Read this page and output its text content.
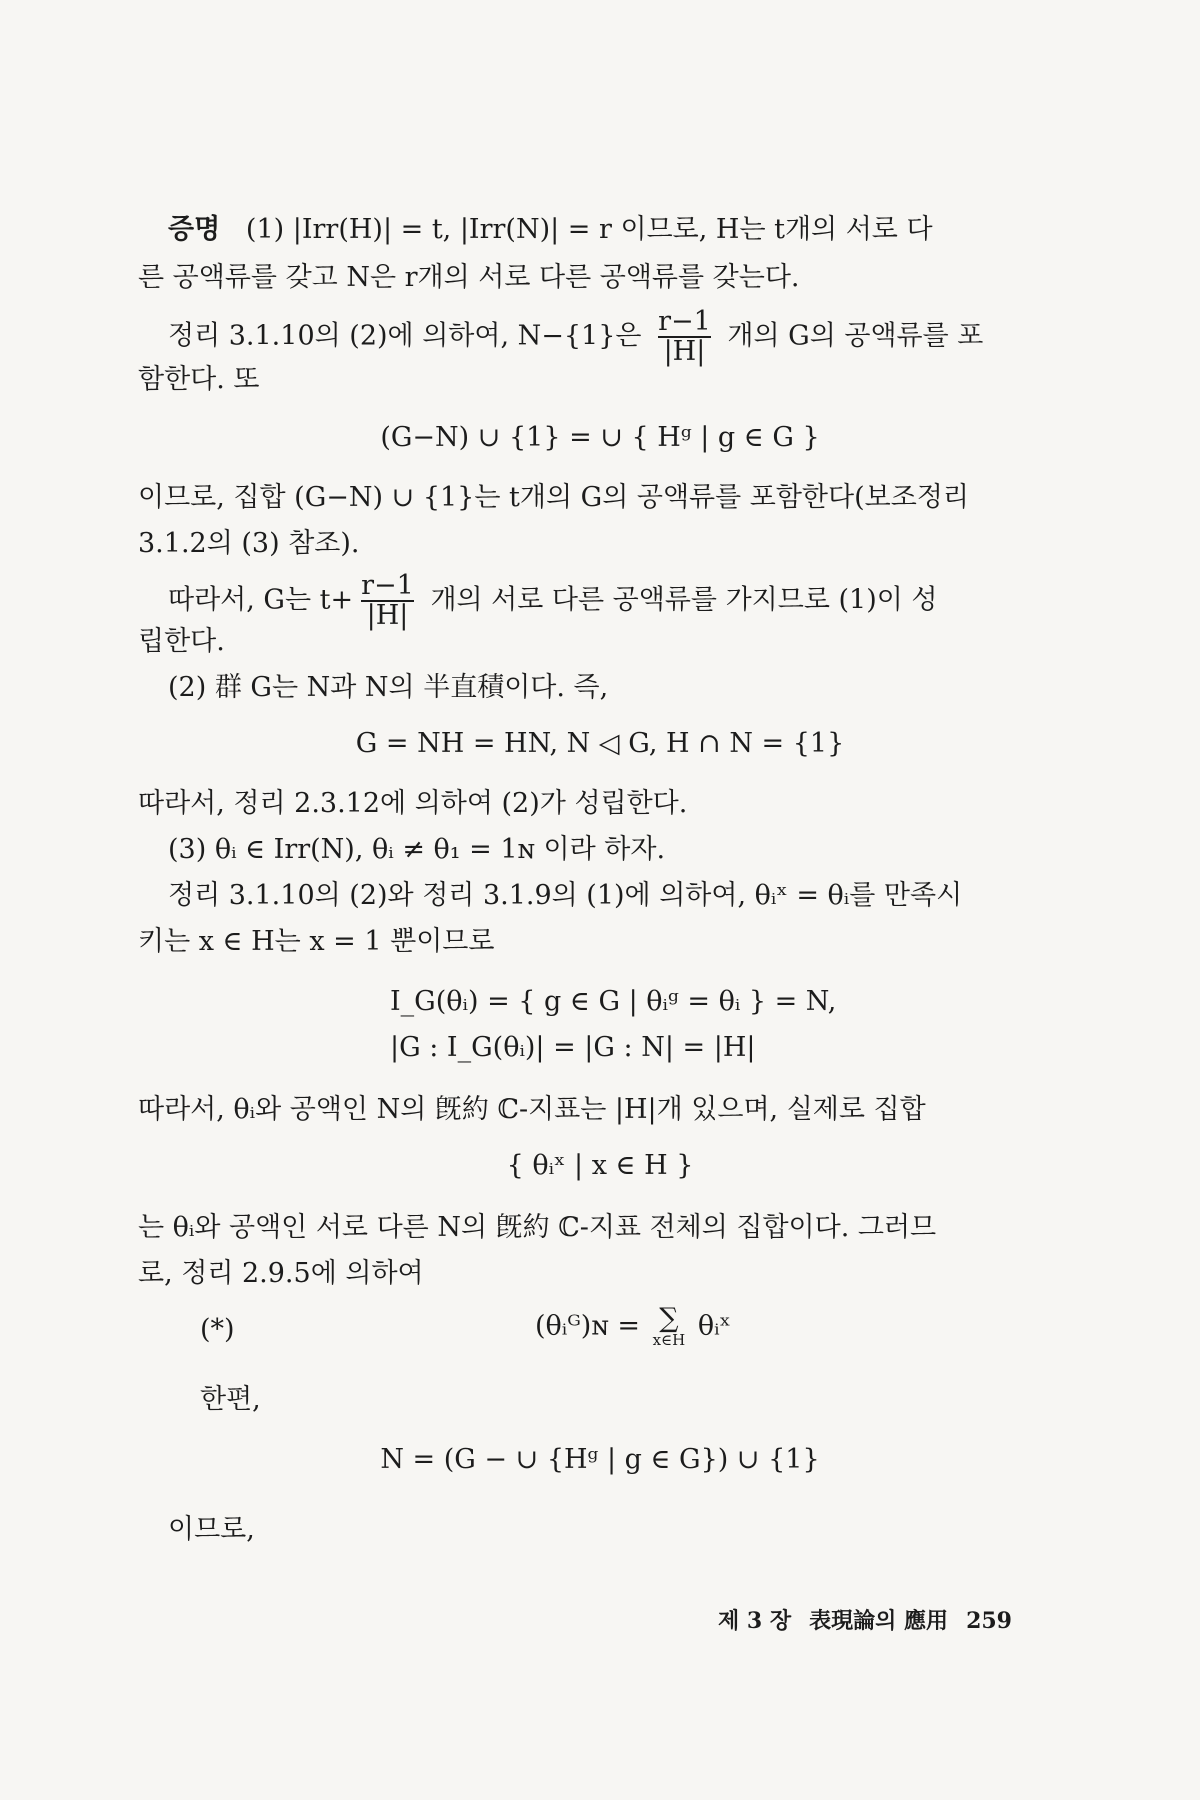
증명 (1) |Irr(H)| = t, |Irr(N)| = r 이므로, H는 t개의 서로 다
른 공액류를 갖고 N은 r개의 서로 다른 공액류를 갖는다.
정리 3.1.10의 (2)에 의하여, N−{1}은 $\frac{r-1}{|H|}$ 개의 G의 공액류를 포
함한다. 또
(G−N) ∪ {1} = ∪ { Hᵍ | g ∈ G }
이므로, 집합 (G−N) ∪ {1}는 t개의 G의 공액류를 포함한다(보조정리
3.1.2의 (3) 참조).
따라서, G는 $t+ \frac{r-1}{|H|}$ 개의 서로 다른 공액류를 가지므로 (1)이 성
립한다.
(2) 群 G는 N과 N의 半直積이다. 즉,
G = NH = HN, N ◁ G, H ∩ N = {1}
따라서, 정리 2.3.12에 의하여 (2)가 성립한다.
(3) θᵢ ∈ Irr(N), θᵢ ≠ θ₁ = 1ɴ 이라 하자.
정리 3.1.10의 (2)와 정리 3.1.9의 (1)에 의하여, θᵢˣ = θᵢ를 만족시
키는 x ∈ H는 x = 1 뿐이므로
I_G(θᵢ) = { g ∈ G | θᵢᵍ = θᵢ } = N,
|G : I_G(θᵢ)| = |G : N| = |H|
따라서, θᵢ와 공액인 N의 旣約 ℂ-지표는 |H|개 있으며, 실제로 집합
{ θᵢˣ | x ∈ H }
는 θᵢ와 공액인 서로 다른 N의 旣約 ℂ-지표 전체의 집합이다. 그러므
로, 정리 2.9.5에 의하여
(*)	(θᵢᴳ)ɴ = ∑
x∈H θᵢˣ
한편,
N = (G − ∪ {Hᵍ | g ∈ G}) ∪ {1}
이므로,
제 3 장 表現論의 應用 259
